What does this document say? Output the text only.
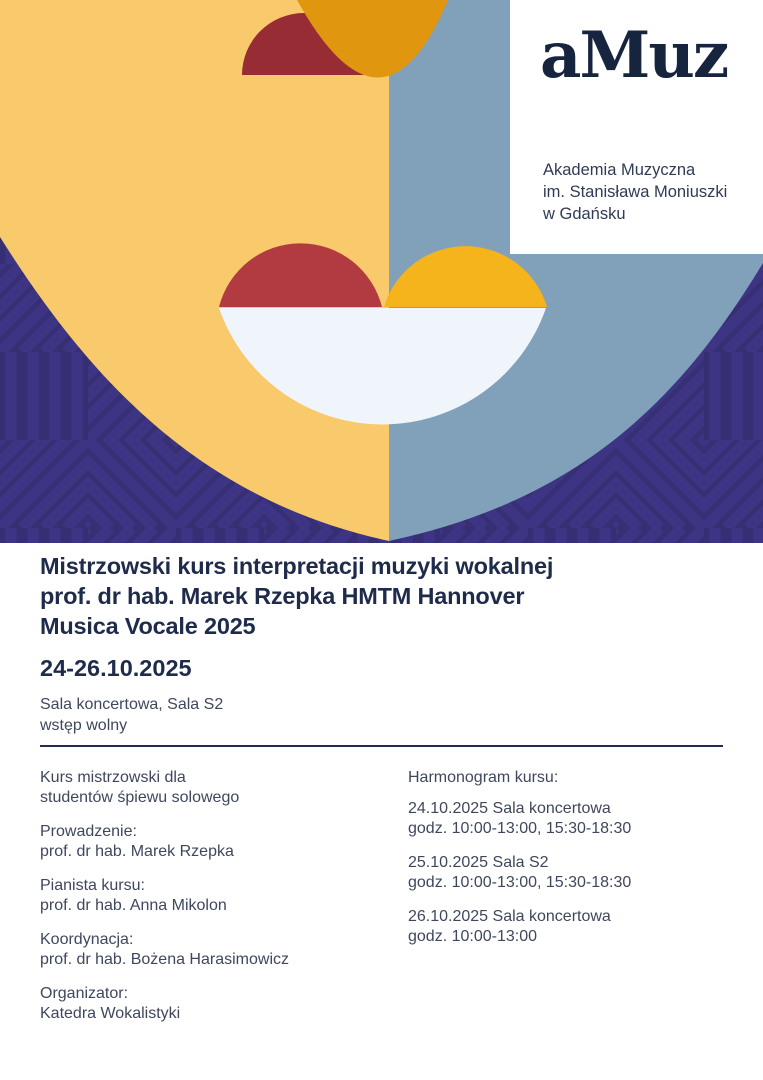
aMuz
Akademia Muzyczna
im. Stanisława Moniuszki
w Gdańsku
Mistrzowski kurs interpretacji muzyki wokalnej
prof. dr hab. Marek Rzepka HMTM Hannover
Musica Vocale 2025
24-26.10.2025
Sala koncertowa, Sala S2
wstęp wolny
Kurs mistrzowski dla
studentów śpiewu solowego
Prowadzenie:
prof. dr hab. Marek Rzepka
Pianista kursu:
prof. dr hab. Anna Mikolon
Koordynacja:
prof. dr hab. Bożena Harasimowicz
Organizator:
Katedra Wokalistyki
Harmonogram kursu:
24.10.2025 Sala koncertowa
godz. 10:00-13:00, 15:30-18:30
25.10.2025 Sala S2
godz. 10:00-13:00, 15:30-18:30
26.10.2025 Sala koncertowa
godz. 10:00-13:00
